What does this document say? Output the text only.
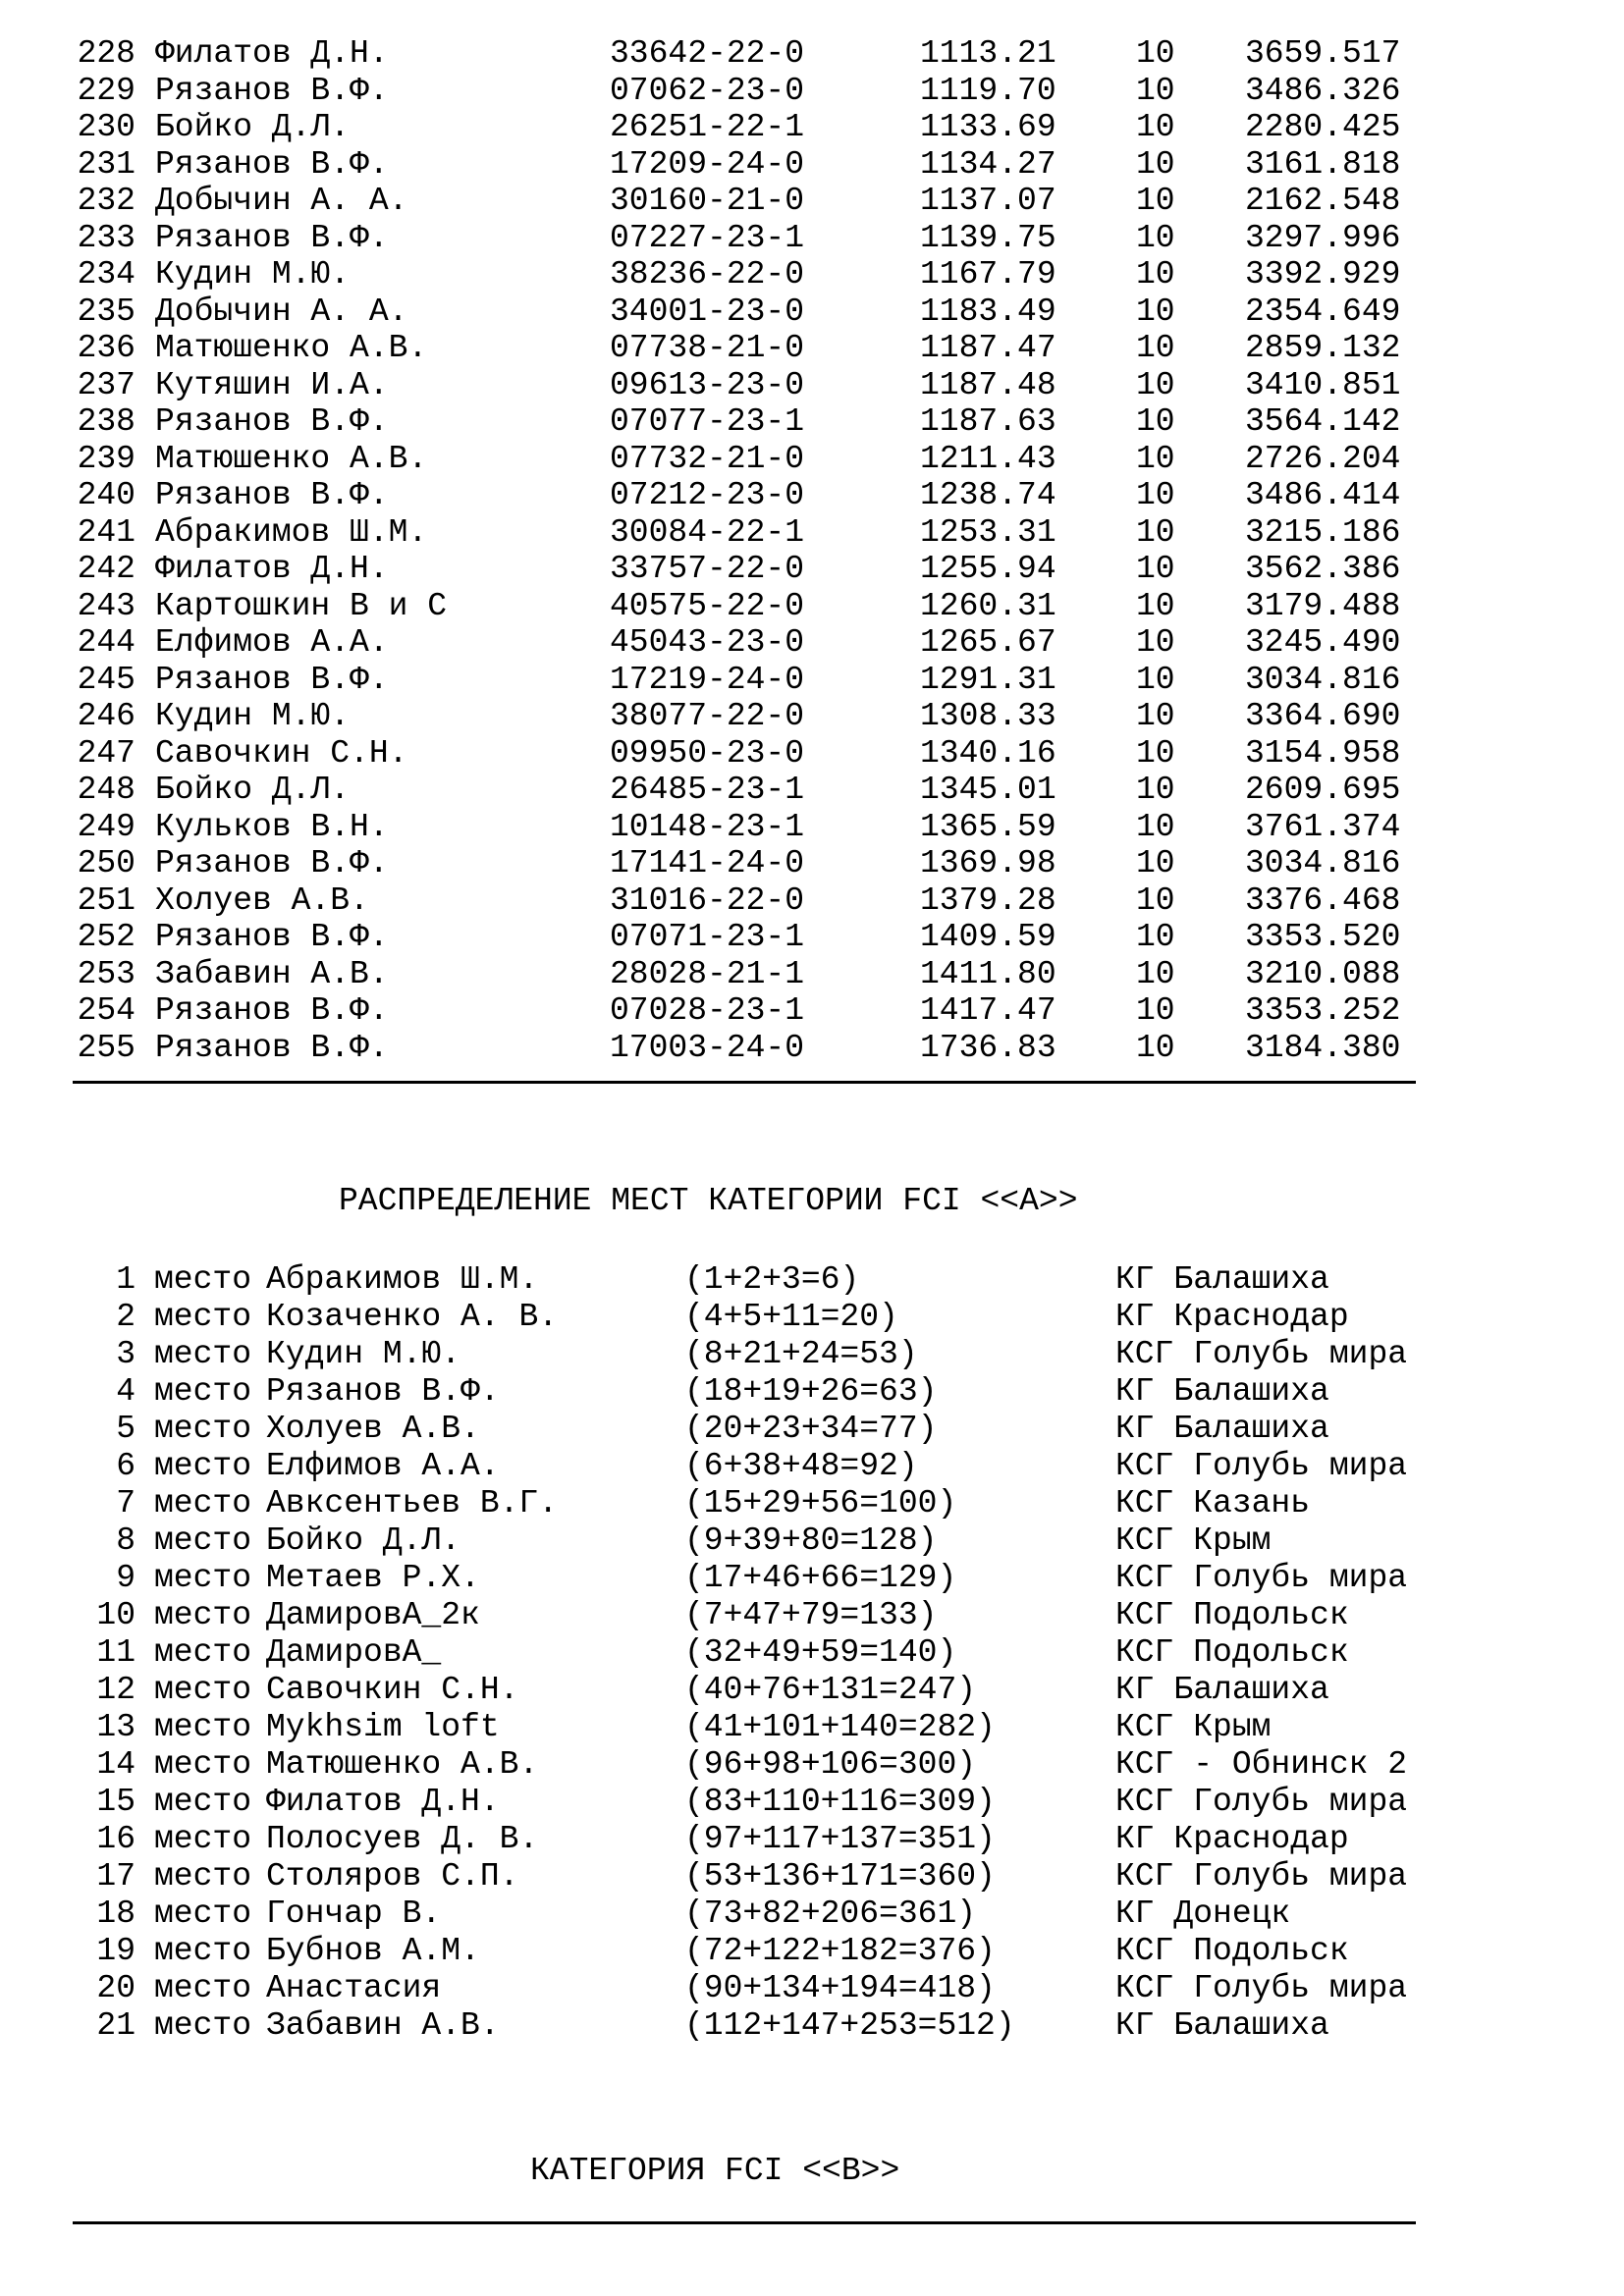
228 Филатов Д.Н.	33642-22-0	1113.21 10 3659.517
229 Рязанов В.Ф.	07062-23-0	1119.70 10 3486.326
230 Бойко Д.Л.	26251-22-1	1133.69 10 2280.425
231 Рязанов В.Ф.	17209-24-0	1134.27 10 3161.818
232 Добычин А. А.	30160-21-0	1137.07 10 2162.548
233 Рязанов В.Ф.	07227-23-1	1139.75 10 3297.996
234 Кудин М.Ю.	38236-22-0	1167.79 10 3392.929
235 Добычин А. А.	34001-23-0	1183.49 10 2354.649
236 Матюшенко А.В.	07738-21-0	1187.47 10 2859.132
237 Кутяшин И.А.	09613-23-0	1187.48 10 3410.851
238 Рязанов В.Ф.	07077-23-1	1187.63 10 3564.142
239 Матюшенко А.В.	07732-21-0	1211.43 10 2726.204
240 Рязанов В.Ф.	07212-23-0	1238.74 10 3486.414
241 Абракимов Ш.М.	30084-22-1	1253.31 10 3215.186
242 Филатов Д.Н.	33757-22-0	1255.94 10 3562.386
243 Картошкин В и С	40575-22-0	1260.31 10 3179.488
244 Елфимов А.А.	45043-23-0	1265.67 10 3245.490
245 Рязанов В.Ф.	17219-24-0	1291.31 10 3034.816
246 Кудин М.Ю.	38077-22-0	1308.33 10 3364.690
247 Савочкин С.Н.	09950-23-0	1340.16 10 3154.958
248 Бойко Д.Л.	26485-23-1	1345.01 10 2609.695
249 Кульков В.Н.	10148-23-1	1365.59 10 3761.374
250 Рязанов В.Ф.	17141-24-0	1369.98 10 3034.816
251 Холуев А.В.	31016-22-0	1379.28 10 3376.468
252 Рязанов В.Ф.	07071-23-1	1409.59 10 3353.520
253 Забавин А.В.	28028-21-1	1411.80 10 3210.088
254 Рязанов В.Ф.	07028-23-1	1417.47 10 3353.252
255 Рязанов В.Ф.	17003-24-0	1736.83 10 3184.380
РАСПРЕДЕЛЕНИЕ МЕСТ КАТЕГОРИИ FCI <<A>>
1 место Абракимов Ш.М.	(1+2+3=6)	КГ Балашиха
2 место Козаченко А. В.	(4+5+11=20)	КГ Краснодар
3 место Кудин М.Ю.	(8+21+24=53)	КСГ Голубь мира
4 место Рязанов В.Ф.	(18+19+26=63)	КГ Балашиха
5 место Холуев А.В.	(20+23+34=77)	КГ Балашиха
6 место Елфимов А.А.	(6+38+48=92)	КСГ Голубь мира
7 место Авксентьев В.Г.	(15+29+56=100)	КСГ Казань
8 место Бойко Д.Л.	(9+39+80=128)	КСГ Крым
9 место Метаев Р.Х.	(17+46+66=129)	КСГ Голубь мира
10 место ДамировА_2к	(7+47+79=133)	КСГ Подольск
11 место ДамировА_	(32+49+59=140)	КСГ Подольск
12 место Савочкин С.Н.	(40+76+131=247)	КГ Балашиха
13 место Mykhsim loft	(41+101+140=282)	КСГ Крым
14 место Матюшенко А.В.	(96+98+106=300)	КСГ - Обнинск 2
15 место Филатов Д.Н.	(83+110+116=309)	КСГ Голубь мира
16 место Полосуев Д. В.	(97+117+137=351)	КГ Краснодар
17 место Столяров С.П.	(53+136+171=360)	КСГ Голубь мира
18 место Гончар В.	(73+82+206=361)	КГ Донецк
19 место Бубнов А.М.	(72+122+182=376)	КСГ Подольск
20 место Анастасия	(90+134+194=418)	КСГ Голубь мира
21 место Забавин А.В.	(112+147+253=512)	КГ Балашиха
КАТЕГОРИЯ FCI <<B>>
